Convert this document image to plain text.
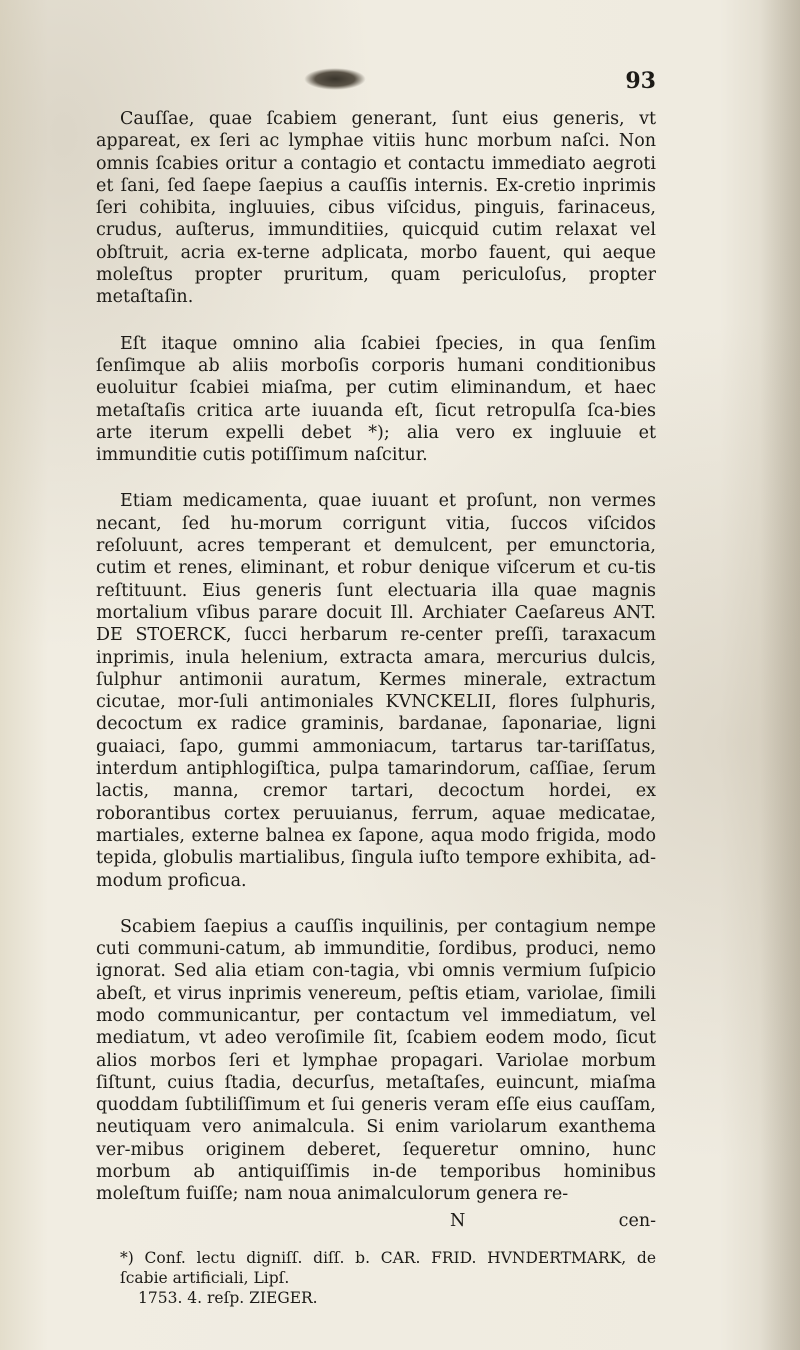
93

Cauſſae, quae ſcabiem generant, ſunt eius generis, vt appareat, ex ſeri ac lymphae vitiis hunc morbum naſci. Non omnis ſcabies oritur a contagio et contactu immediato aegroti et ſani, ſed ſaepe ſaepius a cauſſis internis. Ex-cretio inprimis ſeri cohibita, ingluuies, cibus viſcidus, pinguis, farinaceus, crudus, auſterus, immunditiies, quicquid cutim relaxat vel obſtruit, acria ex-terne adplicata, morbo fauent, qui aeque moleſtus propter pruritum, quam periculoſus, propter metaſtaſin.

Eſt itaque omnino alia ſcabiei ſpecies, in qua ſenſim ſenſimque ab aliis morboſis corporis humani conditionibus euoluitur ſcabiei miaſma, per cutim eliminandum, et haec metaſtaſis critica arte iuuanda eſt, ſicut retropulſa ſca-bies arte iterum expelli debet *); alia vero ex ingluuie et immunditie cutis potiſſimum naſcitur.

Etiam medicamenta, quae iuuant et proſunt, non vermes necant, ſed hu-morum corrigunt vitia, ſuccos viſcidos reſoluunt, acres temperant et demulcent, per emunctoria, cutim et renes, eliminant, et robur denique viſcerum et cu-tis reſtituunt. Eius generis ſunt electuaria illa quae magnis mortalium vſibus parare docuit Ill. Archiater Caeſareus ANT. DE STOERCK, ſucci herbarum re-center preſſi, taraxacum inprimis, inula helenium, extracta amara, mercurius dulcis, ſulphur antimonii auratum, Kermes minerale, extractum cicutae, mor-ſuli antimoniales KVNCKELII, flores ſulphuris, decoctum ex radice graminis, bardanae, ſaponariae, ligni guaiaci, ſapo, gummi ammoniacum, tartarus tar-tariſſatus, interdum antiphlogiſtica, pulpa tamarindorum, caſſiae, ſerum lactis, manna, cremor tartari, decoctum hordei, ex roborantibus cortex peruuianus, ferrum, aquae medicatae, martiales, externe balnea ex ſapone, aqua modo frigida, modo tepida, globulis martialibus, ſingula iuſto tempore exhibita, ad-modum proficua.

Scabiem ſaepius a cauſſis inquilinis, per contagium nempe cuti communi-catum, ab immunditie, ſordibus, produci, nemo ignorat. Sed alia etiam con-tagia, vbi omnis vermium ſuſpicio abeſt, et virus inprimis venereum, peſtis etiam, variolae, ſimili modo communicantur, per contactum vel immediatum, vel mediatum, vt adeo veroſimile ſit, ſcabiem eodem modo, ſicut alios morbos ſeri et lymphae propagari. Variolae morbum ſiſtunt, cuius ſtadia, decurſus, metaſtaſes, euincunt, miaſma quoddam ſubtiliſſimum et ſui generis veram eſſe eius cauſſam, neutiquam vero animalcula. Si enim variolarum exanthema ver-mibus originem deberet, ſequeretur omnino, hunc morbum ab antiquiſſimis in-de temporibus hominibus moleſtum fuiſſe; nam noua animalculorum genera re-

N	cen-
*) Conf. lectu digniſſ. diſſ. b. CAR. FRID. HVNDERTMARK, de ſcabie artificiali, Lipſ.
1753. 4. reſp. ZIEGER.
